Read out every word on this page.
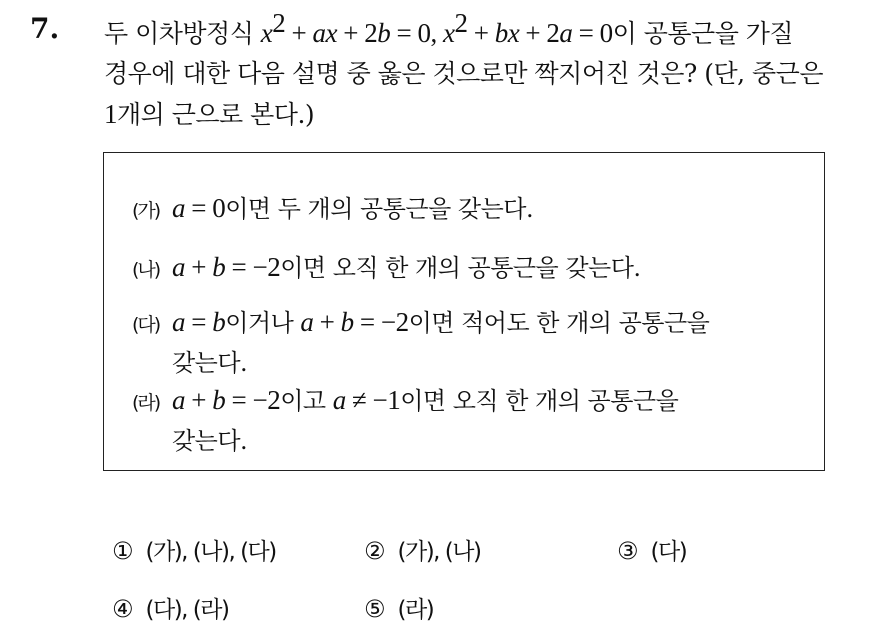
7. 두 이차방정식 $x^2$ + ax + 2b = 0, $x^2$ + bx + 2a = 0이 공통근을 가질
경우에 대한 다음 설명 중 옳은 것으로만 짝지어진 것은? (단, 중근은
1개의 근으로 본다.)
(가) a = 0이면 두 개의 공통근을 갖는다.
(나) a + b = −2이면 오직 한 개의 공통근을 갖는다.
(다) a = b이거나 a + b = −2이면 적어도 한 개의 공통근을
갖는다.
(라) a + b = −2이고 a ≠ −1이면 오직 한 개의 공통근을
갖는다.
① (가), (나), (다)	② (가), (나)	③ (다)
④ (다), (라)	⑤ (라)
